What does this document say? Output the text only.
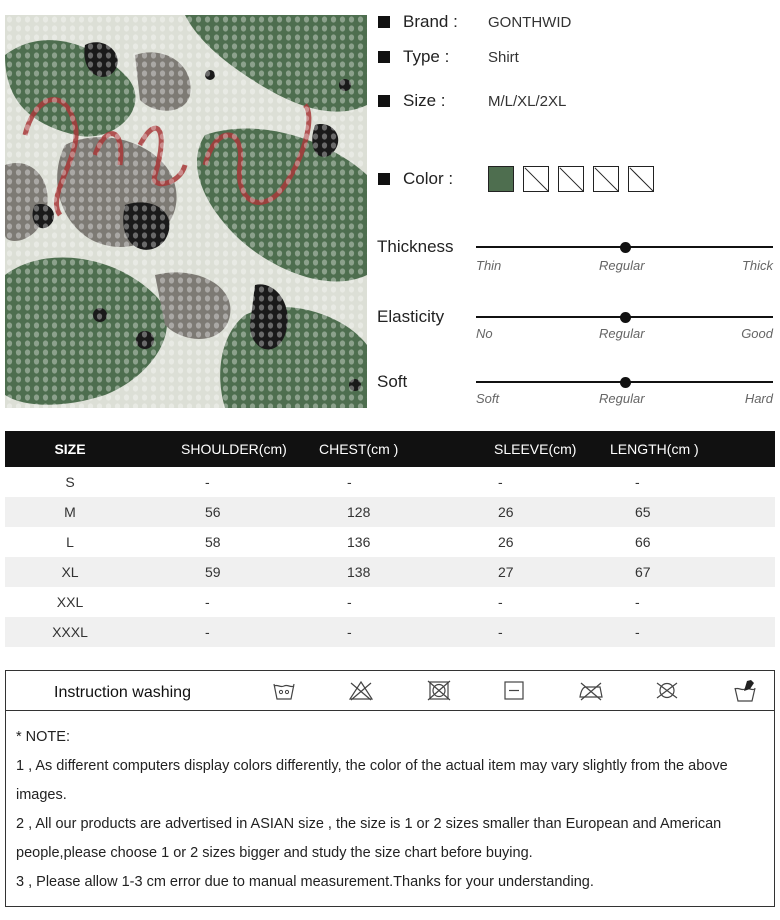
Brand :	GONTHWID
Type :	Shirt
Size :	M/L/XL/2XL
Color :
Thickness
Thin	Regular	Thick
Elasticity
No	Regular	Good
Soft
Soft	Regular	Hard
SIZE	SHOULDER(cm)	CHEST(cm )	SLEEVE(cm)	LENGTH(cm )
S	-	-	-	-
M	56	128	26	65
L	58	136	26	66
XL	59	138	27	67
XXL	-	-	-	-
XXXL	-	-	-	-
Instruction washing

* NOTE:

1 , As different computers display colors differently, the color of the actual item may vary slightly from the above

images.

2 , All our products are advertised in ASIAN size , the size is 1 or 2 sizes smaller than European and American

people,please choose 1 or 2 sizes bigger and study the size chart before buying.

3 , Please allow 1-3 cm error due to manual measurement.Thanks for your understanding.
